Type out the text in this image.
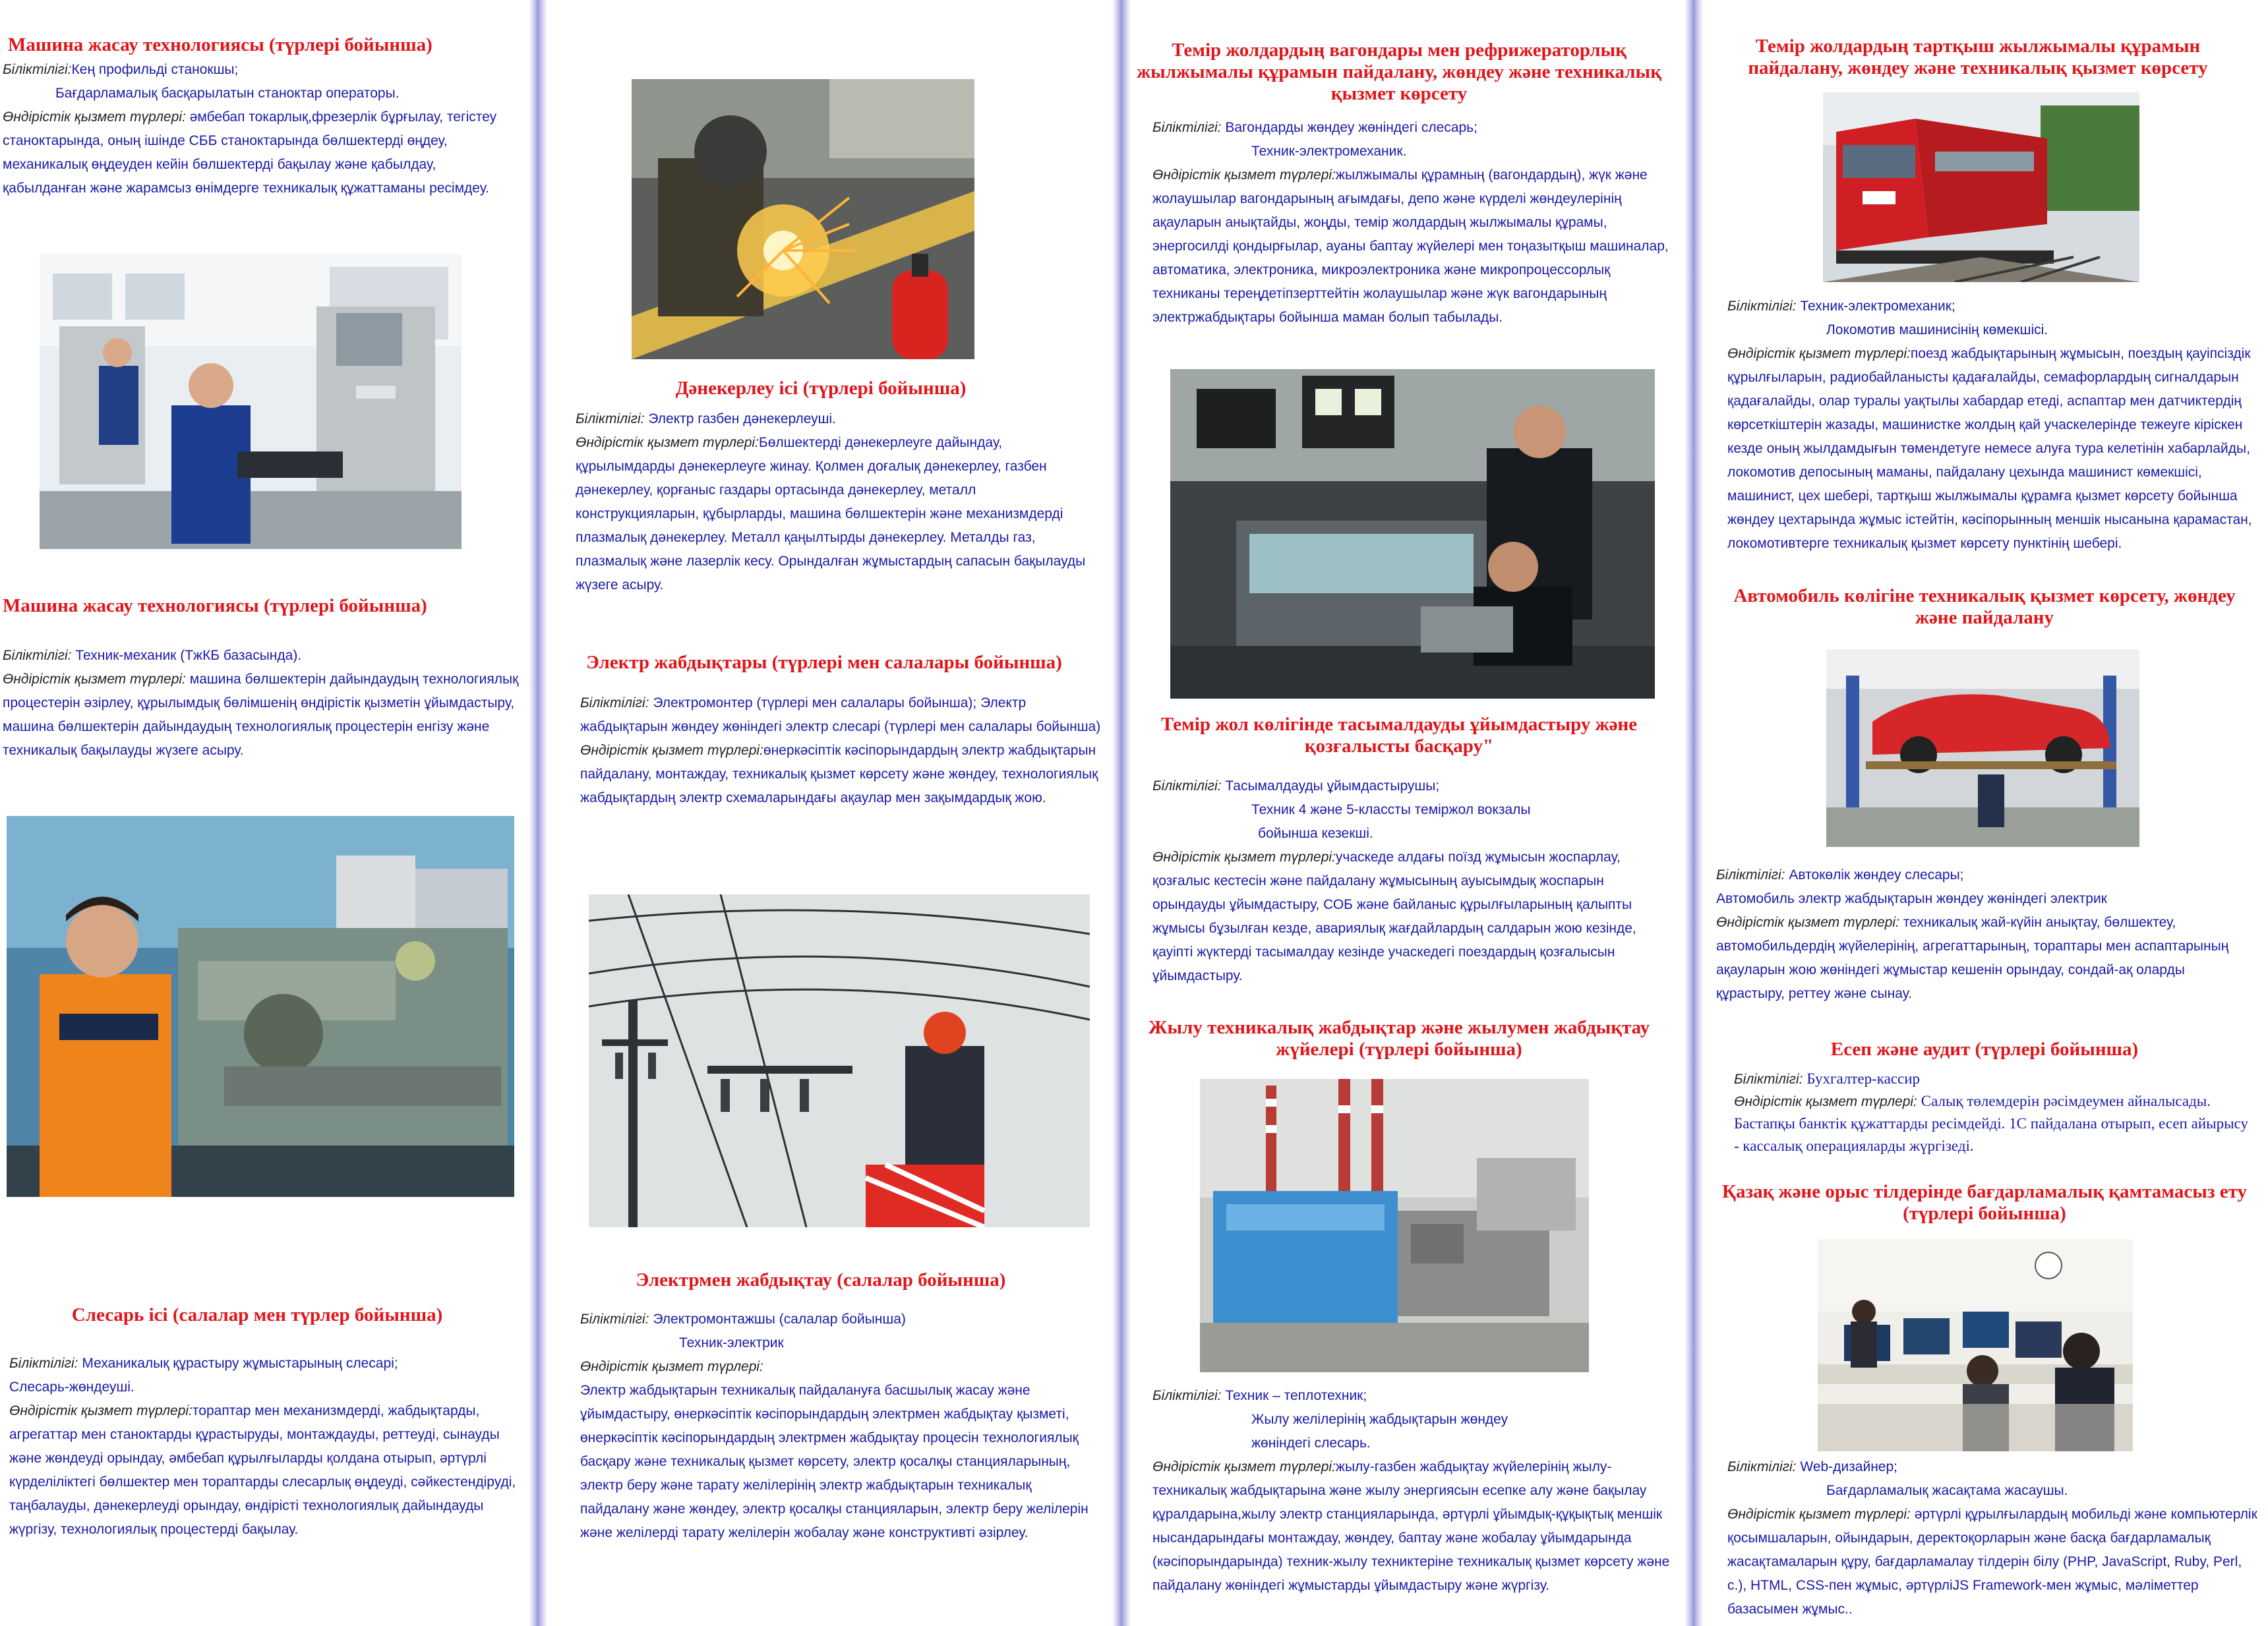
Машина жасау технологиясы (түрлері бойынша)
Біліктілігі:Кең профильді станокшы;
Бағдарламалық басқарылатын станоктар операторы.
Өндірістік қызмет түрлері: әмбебап токарлық,фрезерлік бұрғылау, тегістеу станоктарында, оның ішінде СББ станоктарында бөлшектерді өңдеу, механикалық өңдеуден кейін бөлшектерді бақылау және қабылдау, қабылданған және жарамсыз өнімдерге техникалық құжаттаманы ресімдеу.
Машина жасау технологиясы (түрлері бойынша)
Біліктілігі: Техник-механик (ТжКБ базасында).
Өндірістік қызмет түрлері: машина бөлшектерін дайындаудың технологиялық процестерін әзірлеу, құрылымдық бөлімшенің өндірістік қызметін ұйымдастыру, машина бөлшектерін дайындаудың технологиялық процестерін енгізу және техникалық бақылауды жүзеге асыру.
Слесарь ісі (салалар мен түрлер бойынша)
Біліктілігі: Механикалық құрастыру жұмыстарының слесарі;
Слесарь-жөндеуші.
Өндірістік қызмет түрлері:тораптар мен механизмдерді, жабдықтарды, агрегаттар мен станоктарды құрастыруды, монтаждауды, реттеуді, сынауды және жөндеуді орындау, әмбебап құрылғыларды қолдана отырып, әртүрлі күрделіліктегі бөлшектер мен тораптарды слесарлық өңдеуді, сәйкестендіруді, таңбалауды, дәнекерлеуді орындау, өндірісті технологиялық дайындауды жүргізу, технологиялық процестерді бақылау.
Дәнекерлеу ісі (түрлері бойынша)
Біліктілігі: Электр газбен дәнекерлеуші.
Өндірістік қызмет түрлері:Бөлшектерді дәнекерлеуге дайындау, құрылымдарды дәнекерлеуге жинау. Қолмен доғалық дәнекерлеу, газбен дәнекерлеу, қорғаныс газдары ортасында дәнекерлеу, металл конструкцияларын, құбырларды, машина бөлшектерін және механизмдерді плазмалық дәнекерлеу. Металл қаңылтырды дәнекерлеу. Металды газ, плазмалық және лазерлік кесу. Орындалған жұмыстардың сапасын бақылауды жүзеге асыру.
Электр жабдықтары (түрлері мен салалары бойынша)
Біліктілігі: Электромонтер (түрлері мен салалары бойынша); Электр жабдықтарын жөндеу жөніндегі электр слесарі (түрлері мен салалары бойынша)
Өндірістік қызмет түрлері:өнеркәсіптік кәсіпорындардың электр жабдықтарын пайдалану, монтаждау, техникалық қызмет көрсету және жөндеу, технологиялық жабдықтардың электр схемаларындағы ақаулар мен зақымдардық жою.
Электрмен жабдықтау (салалар бойынша)
Біліктілігі: Электромонтажшы (салалар бойынша)

Техник-электрик
Өндірістік қызмет түрлері:
Электр жабдықтарын техникалық пайдалануға басшылық жасау және ұйымдастыру, өнеркәсіптік кәсіпорындардың электрмен жабдықтау қызметі, өнеркәсіптік кәсіпорындардың электрмен жабдықтау процесін технологиялық басқару және техникалық қызмет көрсету, электр қосалқы станцияларының, электр беру және тарату желілерінің электр жабдықтарын техникалық пайдалану және жөндеу, электр қосалқы станцияларын, электр беру желілерін және желілерді тарату желілерін жобалау және конструктивті әзірлеу.
Темір жолдардың вагондары мен рефрижераторлық жылжымалы құрамын пайдалану, жөндеу және техникалық қызмет көрсету
Біліктілігі: Вагондарды жөндеу жөніндегі слесарь;

Техник-электромеханик.
Өндірістік қызмет түрлері:жылжымалы құрамның (вагондардың), жүк және жолаушылар вагондарының ағымдағы, депо және күрделі жөндеулерінің ақауларын анықтайды, жоңды, темір жолдардың жылжымалы құрамы, энергосилді қондырғылар, ауаны баптау жүйелері мен тоңазытқыш машиналар, автоматика, электроника, микроэлектроника және микропроцессорлық техниканы тереңдетіпзерттейтін жолаушылар және жүк вагондарының электржабдықтары бойынша маман болып табылады.
Темір жол көлігінде тасымалдауды ұйымдастыру және қозғалысты басқару"
Біліктілігі: Тасымалдауды ұйымдастырушы;

Техник 4 және 5-класcты теміржол вокзалы
бойынша кезекші.
Өндірістік қызмет түрлері:учаскеде алдағы поїзд жұмысын жоспарлау, қозғалыс кестесін және пайдалану жұмысының ауысымдық жоспарын орындауды ұйымдастыру, СОБ және байланыс құрылғыларының қалыпты жұмысы бұзылған кезде, авариялық жағдайлардың салдарын жою кезінде, қауіпті жүктерді тасымалдау кезінде учаскедегі поездардың қозғалысын ұйымдастыру.
Жылу техникалық жабдықтар және жылумен жабдықтау жүйелері (түрлері бойынша)
Біліктілігі: Техник – теплотехник;

Жылу желілерінің жабдықтарын жөндеу
жөніндегі слесарь.
Өндірістік қызмет түрлері:жылу-газбен жабдықтау жүйелерінің жылу-техникалық жабдықтарына және жылу энергиясын есепке алу және бақылау құралдарына,жылу электр станцияларында, әртүрлі ұйымдық-құқықтық меншік нысандарындағы монтаждау, жөндеу, баптау және жобалау ұйымдарында (кәсіпорындарында) техник-жылу техниктеріне техникалық қызмет көрсету және пайдалану жөніндегі жұмыстарды ұйымдастыру және жүргізу.
Темір жолдардың тартқыш жылжымалы құрамын пайдалану, жөндеу және техникалық қызмет көрсету
Біліктілігі: Техник-электромеханик;

Локомотив машинисінің көмекшісі.
Өндірістік қызмет түрлері:поезд жабдықтарының жұмысын, поездың қауіпсіздік құрылғыларын, радиобайланысты қадағалайды, семафорлардың сигналдарын қадағалайды, олар туралы уақтылы хабардар етеді, аспаптар мен датчиктердің көрсеткіштерін жазады, машинистке жолдың қай учаскелерінде тежеуге кіріскен кезде оның жылдамдығын төмендетуге немесе алуға тура келетінін хабарлайды, локомотив депосының маманы, пайдалану цехында машинист көмекшісі, машинист, цех шебері, тартқыш жылжымалы құрамға қызмет көрсету бойынша жөндеу цехтарында жұмыс істейтін, кәсіпорынның меншік нысанына қарамастан, локомотивтерге техникалық қызмет көрсету пунктінің шебері.
Автомобиль көлігіне техникалық қызмет көрсету, жөндеу және пайдалану
Біліктілігі: Автокөлік жөндеу слесары;
Автомобиль электр жабдықтарын жөндеу жөніндегі электрик
Өндірістік қызмет түрлері: техникалық жай-күйін анықтау, бөлшектеу, автомобильдердің жүйелерінің, агрегаттарының, тораптары мен аспаптарының ақауларын жою жөніндегі жұмыстар кешенін орындау, сондай-ақ оларды құрастыру, реттеу және сынау.
Есеп және аудит (түрлері бойынша)
Біліктілігі: Бухгалтер-кассир
Өндірістік қызмет түрлері: Салық төлемдерін рәсімдеумен айналысады. Бастапқы банктік құжаттарды ресімдейді. 1С пайдалана отырып, есеп айырысу - кассалық операцияларды жүргізеді.
Қазақ және орыс тілдерінде бағдарламалық қамтамасыз ету (түрлері бойынша)
Біліктілігі: Web-дизайнер;

Бағдарламалық жасақтама жасаушы.
Өндірістік қызмет түрлері: әртүрлі құрылғылардың мобильді және компьютерлік қосымшаларын, ойындарын, деректоқорларын және басқа бағдарламалық жасақтамаларын құру, бағдарламалау тілдерін білу (PHP, JavaScript, Ruby, Perl, с.), HTML, CSS-пен жұмыс, әртүрліJS Framework-мен жұмыс, мәліметтер базасымен жұмыс..
